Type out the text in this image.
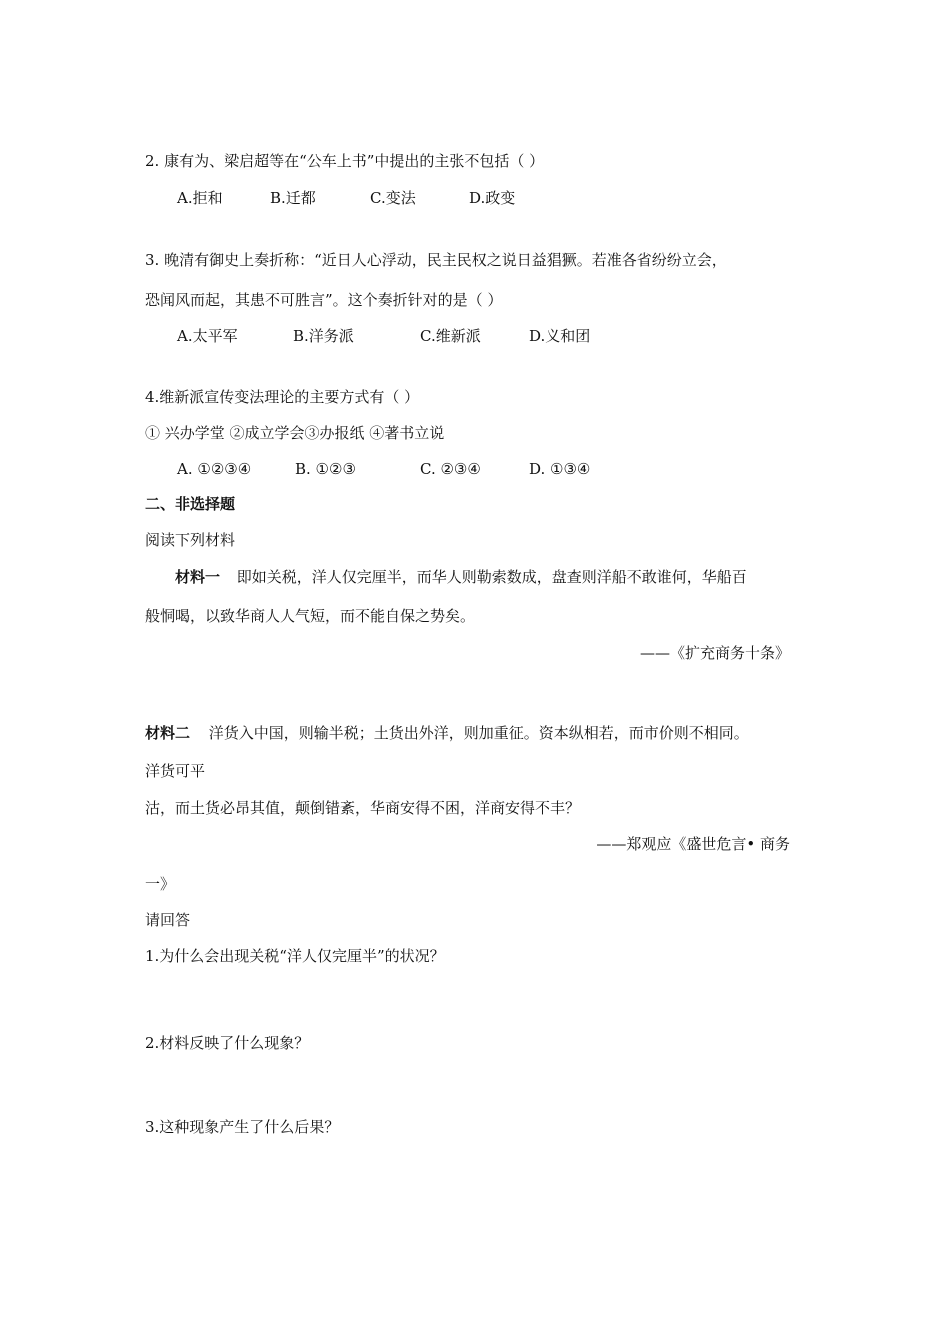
2. 康有为、梁启超等在“公车上书”中提出的主张不包括（ ）
A.拒和	B.迁都	C.变法	D.政变
3. 晚清有御史上奏折称：“近日人心浮动，民主民权之说日益猖獗。若准各省纷纷立会，
恐闻风而起，其患不可胜言”。这个奏折针对的是（ ）
A.太平军	B.洋务派	C.维新派	D.义和团
4.维新派宣传变法理论的主要方式有（ ）
① 兴办学堂 ②成立学会③办报纸 ④著书立说
A. ①②③④	B. ①②③	C. ②③④	D. ①③④
二、非选择题
阅读下列材料
材料一 即如关税，洋人仅完厘半，而华人则勒索数成，盘查则洋船不敢谁何，华船百
般恫喝，以致华商人人气短，而不能自保之势矣。
——《扩充商务十条》
材料二 洋货入中国，则输半税；土货出外洋，则加重征。资本纵相若，而市价则不相同。
洋货可平
沽，而土货必昂其值，颠倒错紊，华商安得不困，洋商安得不丰？
——郑观应《盛世危言• 商务
一》
请回答
1.为什么会出现关税“洋人仅完厘半”的状况？
2.材料反映了什么现象？
3.这种现象产生了什么后果？
